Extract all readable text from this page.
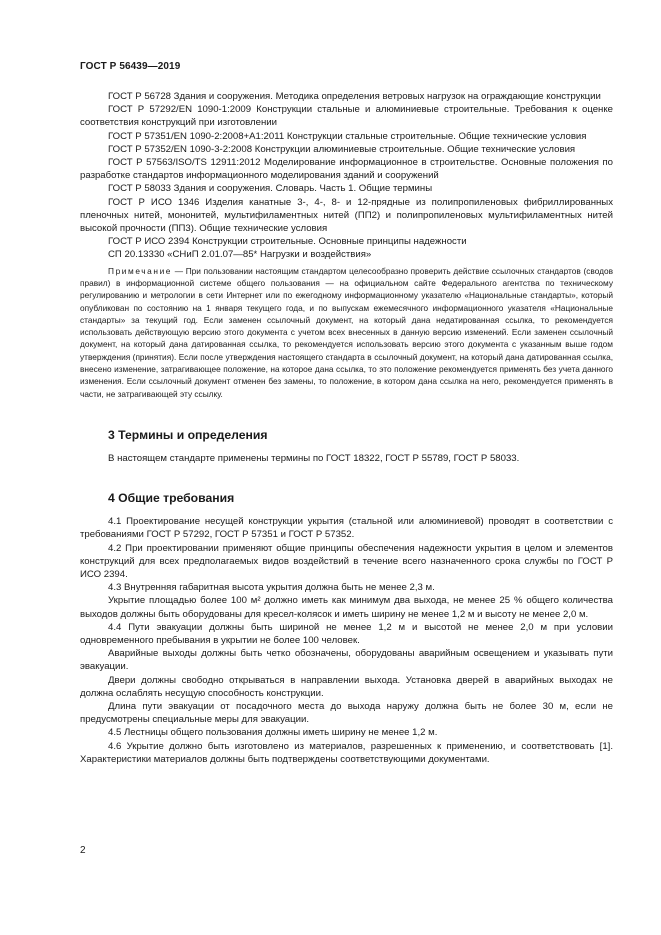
ГОСТ Р 56439—2019

ГОСТ Р 56728 Здания и сооружения. Методика определения ветровых нагрузок на ограждающие конструкции

ГОСТ Р 57292/EN 1090-1:2009 Конструкции стальные и алюминиевые строительные. Требования к оценке соответствия конструкций при изготовлении

ГОСТ Р 57351/EN 1090-2:2008+А1:2011 Конструкции стальные строительные. Общие технические условия

ГОСТ Р 57352/EN 1090-3-2:2008 Конструкции алюминиевые строительные. Общие технические условия

ГОСТ Р 57563/ISO/TS 12911:2012 Моделирование информационное в строительстве. Основные положения по разработке стандартов информационного моделирования зданий и сооружений

ГОСТ Р 58033 Здания и сооружения. Словарь. Часть 1. Общие термины

ГОСТ Р ИСО 1346 Изделия канатные 3-, 4-, 8- и 12-прядные из полипропиленовых фибриллированных пленочных нитей, мононитей, мультифиламентных нитей (ПП2) и полипропиленовых мультифиламентных нитей высокой прочности (ПП3). Общие технические условия

ГОСТ Р ИСО 2394 Конструкции строительные. Основные принципы надежности

СП 20.13330 «СНиП 2.01.07—85* Нагрузки и воздействия»

Примечание — При пользовании настоящим стандартом целесообразно проверить действие ссылочных стандартов (сводов правил) в информационной системе общего пользования — на официальном сайте Федерального агентства по техническому регулированию и метрологии в сети Интернет или по ежегодному информационному указателю «Национальные стандарты», который опубликован по состоянию на 1 января текущего года, и по выпускам ежемесячного информационного указателя «Национальные стандарты» за текущий год. Если заменен ссылочный документ, на который дана недатированная ссылка, то рекомендуется использовать действующую версию этого документа с учетом всех внесенных в данную версию изменений. Если заменен ссылочный документ, на который дана датированная ссылка, то рекомендуется использовать версию этого документа с указанным выше годом утверждения (принятия). Если после утверждения настоящего стандарта в ссылочный документ, на который дана датированная ссылка, внесено изменение, затрагивающее положение, на которое дана ссылка, то это положение рекомендуется применять без учета данного изменения. Если ссылочный документ отменен без замены, то положение, в котором дана ссылка на него, рекомендуется применять в части, не затрагивающей эту ссылку.

3 Термины и определения

В настоящем стандарте применены термины по ГОСТ 18322, ГОСТ Р 55789, ГОСТ Р 58033.

4 Общие требования

4.1 Проектирование несущей конструкции укрытия (стальной или алюминиевой) проводят в соответствии с требованиями ГОСТ Р 57292, ГОСТ Р 57351 и ГОСТ Р 57352.

4.2 При проектировании применяют общие принципы обеспечения надежности укрытия в целом и элементов конструкций для всех предполагаемых видов воздействий в течение всего назначенного срока службы по ГОСТ Р ИСО 2394.

4.3 Внутренняя габаритная высота укрытия должна быть не менее 2,3 м.

Укрытие площадью более 100 м² должно иметь как минимум два выхода, не менее 25 % общего количества выходов должны быть оборудованы для кресел-колясок и иметь ширину не менее 1,2 м и высоту не менее 2,0 м.

4.4 Пути эвакуации должны быть шириной не менее 1,2 м и высотой не менее 2,0 м при условии одновременного пребывания в укрытии не более 100 человек.

Аварийные выходы должны быть четко обозначены, оборудованы аварийным освещением и указывать пути эвакуации.

Двери должны свободно открываться в направлении выхода. Установка дверей в аварийных выходах не должна ослаблять несущую способность конструкции.

Длина пути эвакуации от посадочного места до выхода наружу должна быть не более 30 м, если не предусмотрены специальные меры для эвакуации.

4.5 Лестницы общего пользования должны иметь ширину не менее 1,2 м.

4.6 Укрытие должно быть изготовлено из материалов, разрешенных к применению, и соответствовать [1]. Характеристики материалов должны быть подтверждены соответствующими документами.

2
